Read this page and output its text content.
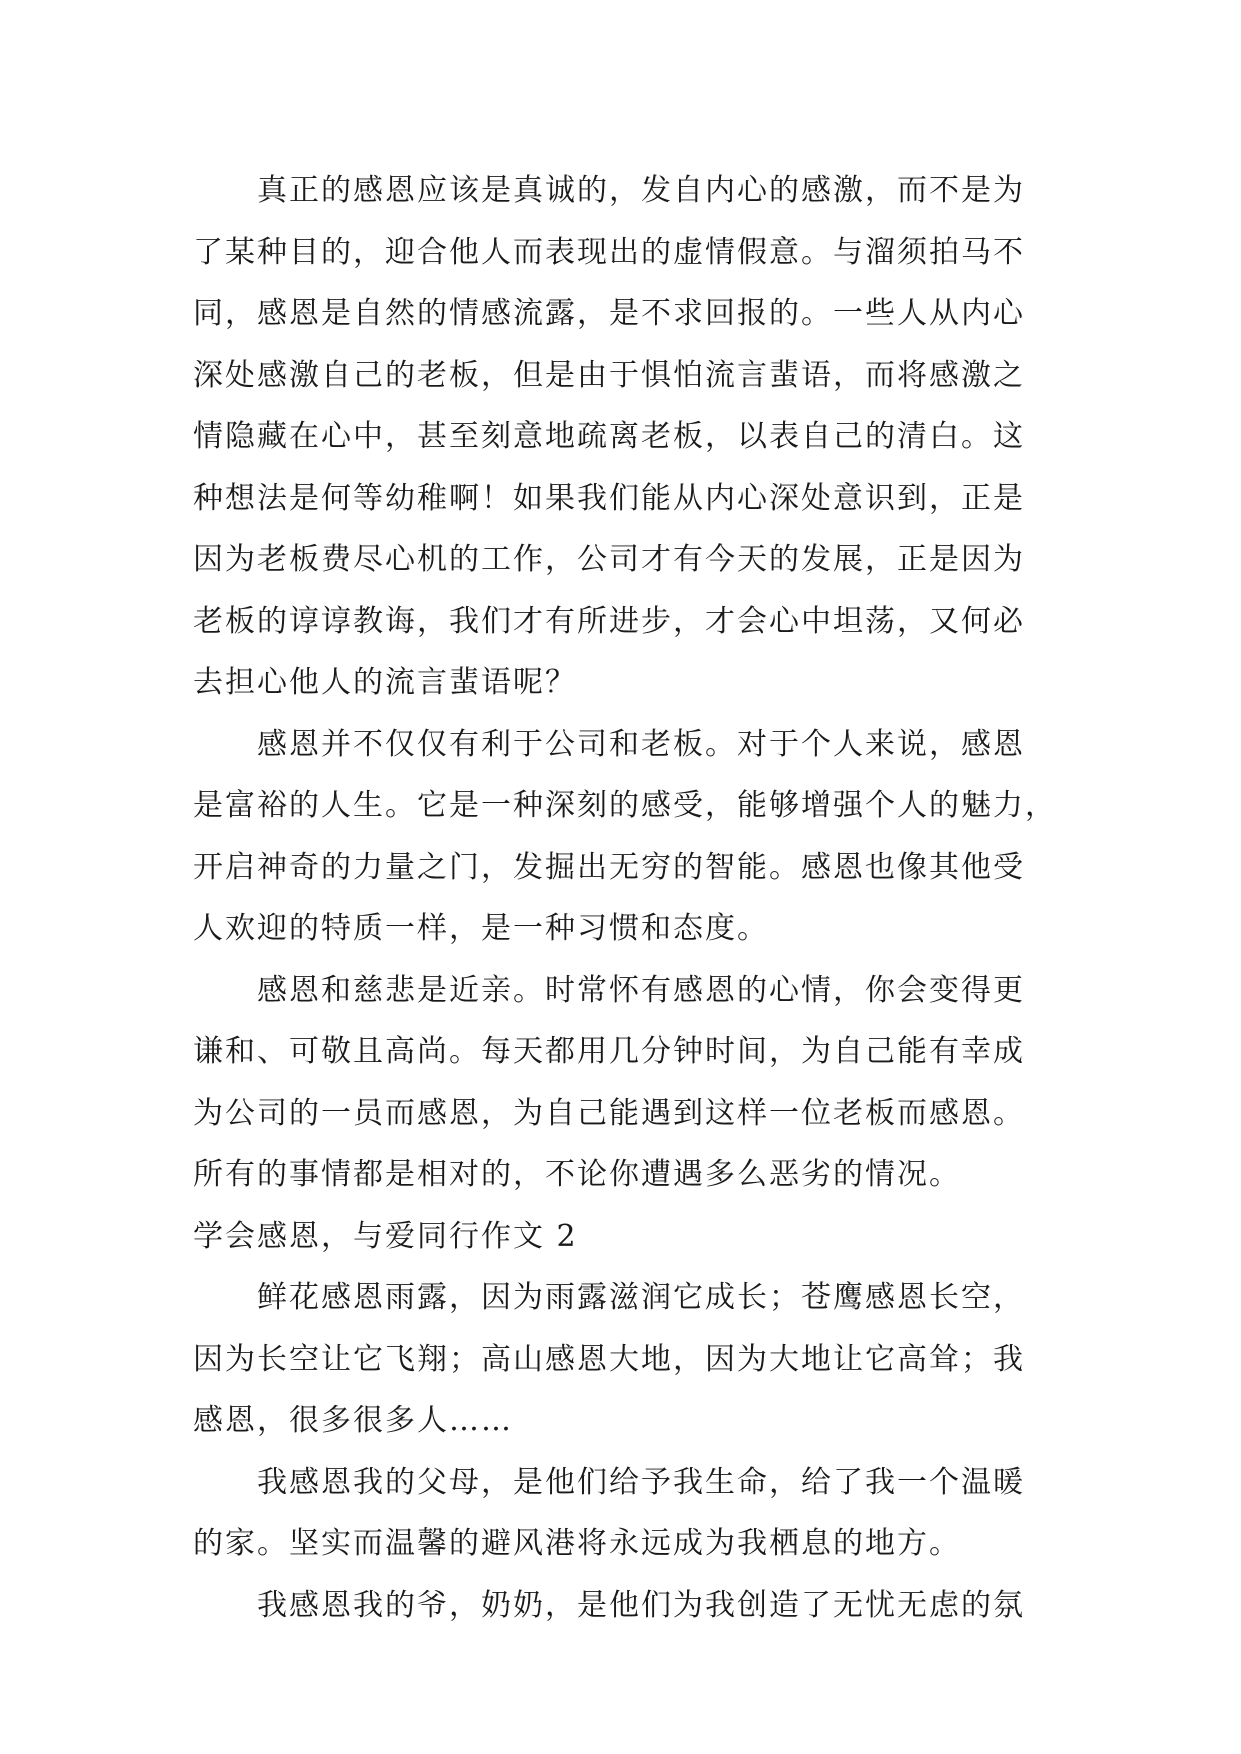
真正的感恩应该是真诚的，发自内心的感激，而不是为
了某种目的，迎合他人而表现出的虚情假意。与溜须拍马不
同，感恩是自然的情感流露，是不求回报的。一些人从内心
深处感激自己的老板，但是由于惧怕流言蜚语，而将感激之
情隐藏在心中，甚至刻意地疏离老板，以表自己的清白。这
种想法是何等幼稚啊！如果我们能从内心深处意识到，正是
因为老板费尽心机的工作，公司才有今天的发展，正是因为
老板的谆谆教诲，我们才有所进步，才会心中坦荡，又何必
去担心他人的流言蜚语呢？
感恩并不仅仅有利于公司和老板。对于个人来说，感恩
是富裕的人生。它是一种深刻的感受，能够增强个人的魅力，
开启神奇的力量之门，发掘出无穷的智能。感恩也像其他受
人欢迎的特质一样，是一种习惯和态度。
感恩和慈悲是近亲。时常怀有感恩的心情，你会变得更
谦和、可敬且高尚。每天都用几分钟时间，为自己能有幸成
为公司的一员而感恩，为自己能遇到这样一位老板而感恩。
所有的事情都是相对的，不论你遭遇多么恶劣的情况。
学会感恩，与爱同行作文 2
鲜花感恩雨露，因为雨露滋润它成长；苍鹰感恩长空，
因为长空让它飞翔；高山感恩大地，因为大地让它高耸；我
感恩，很多很多人……
我感恩我的父母，是他们给予我生命，给了我一个温暖
的家。坚实而温馨的避风港将永远成为我栖息的地方。
我感恩我的爷，奶奶，是他们为我创造了无忧无虑的氛
